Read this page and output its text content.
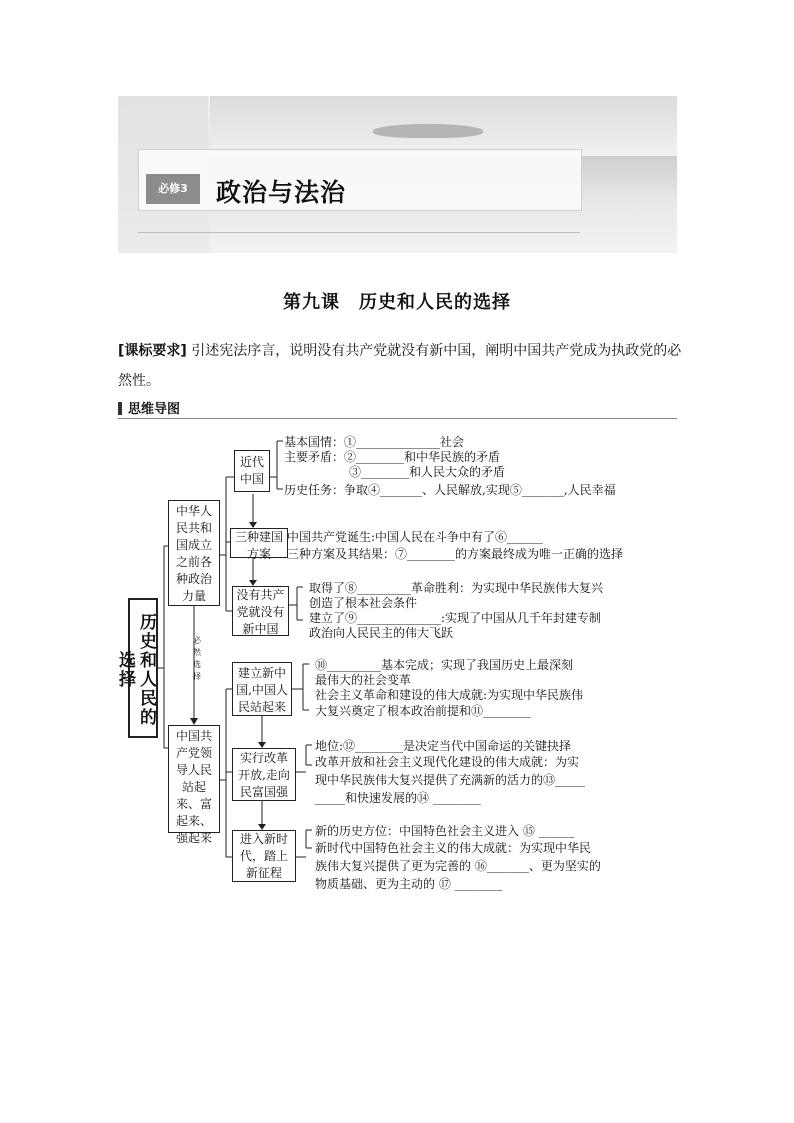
必修3	政治与法治
第九课　历史和人民的选择
[课标要求] 引述宪法序言，说明没有共产党就没有新中国，阐明中国共产党成为执政党的必然性。
思维导图
历史和人民的选择
中华人民共和国成立之前各种政治力量
中国共产党领导人民站起来、富起来、强起来
必然选择
近代中国
三种建国方案
没有共产党就没有新中国
建立新中国,中国人民站起来
实行改革开放,走向民富国强
进入新时代，踏上新征程
基本国情：①______________社会
主要矛盾：②________和中华民族的矛盾
③________和人民大众的矛盾
历史任务：争取④_______、人民解放,实现⑤_______,人民幸福
中国共产党诞生:中国人民在斗争中有了⑥______
三种方案及其结果：⑦________的方案最终成为唯一正确的选择
取得了⑧_________革命胜利：为实现中华民族伟大复兴
创造了根本社会条件
建立了⑨______________:实现了中国从几千年封建专制
政治向人民民主的伟大飞跃
⑩_________基本完成；实现了我国历史上最深刻
最伟大的社会变革
社会主义革命和建设的伟大成就:为实现中华民族伟
大复兴奠定了根本政治前提和⑪________
地位:⑫________是决定当代中国命运的关键抉择
改革开放和社会主义现代化建设的伟大成就：为实
现中华民族伟大复兴提供了充满新的活力的⑬_____
_____和快速发展的⑭ ________
新的历史方位：中国特色社会主义进入 ⑮ ______
新时代中国特色社会主义的伟大成就：为实现中华民
族伟大复兴提供了更为完善的 ⑯_______、更为坚实的
物质基础、更为主动的 ⑰ ________
